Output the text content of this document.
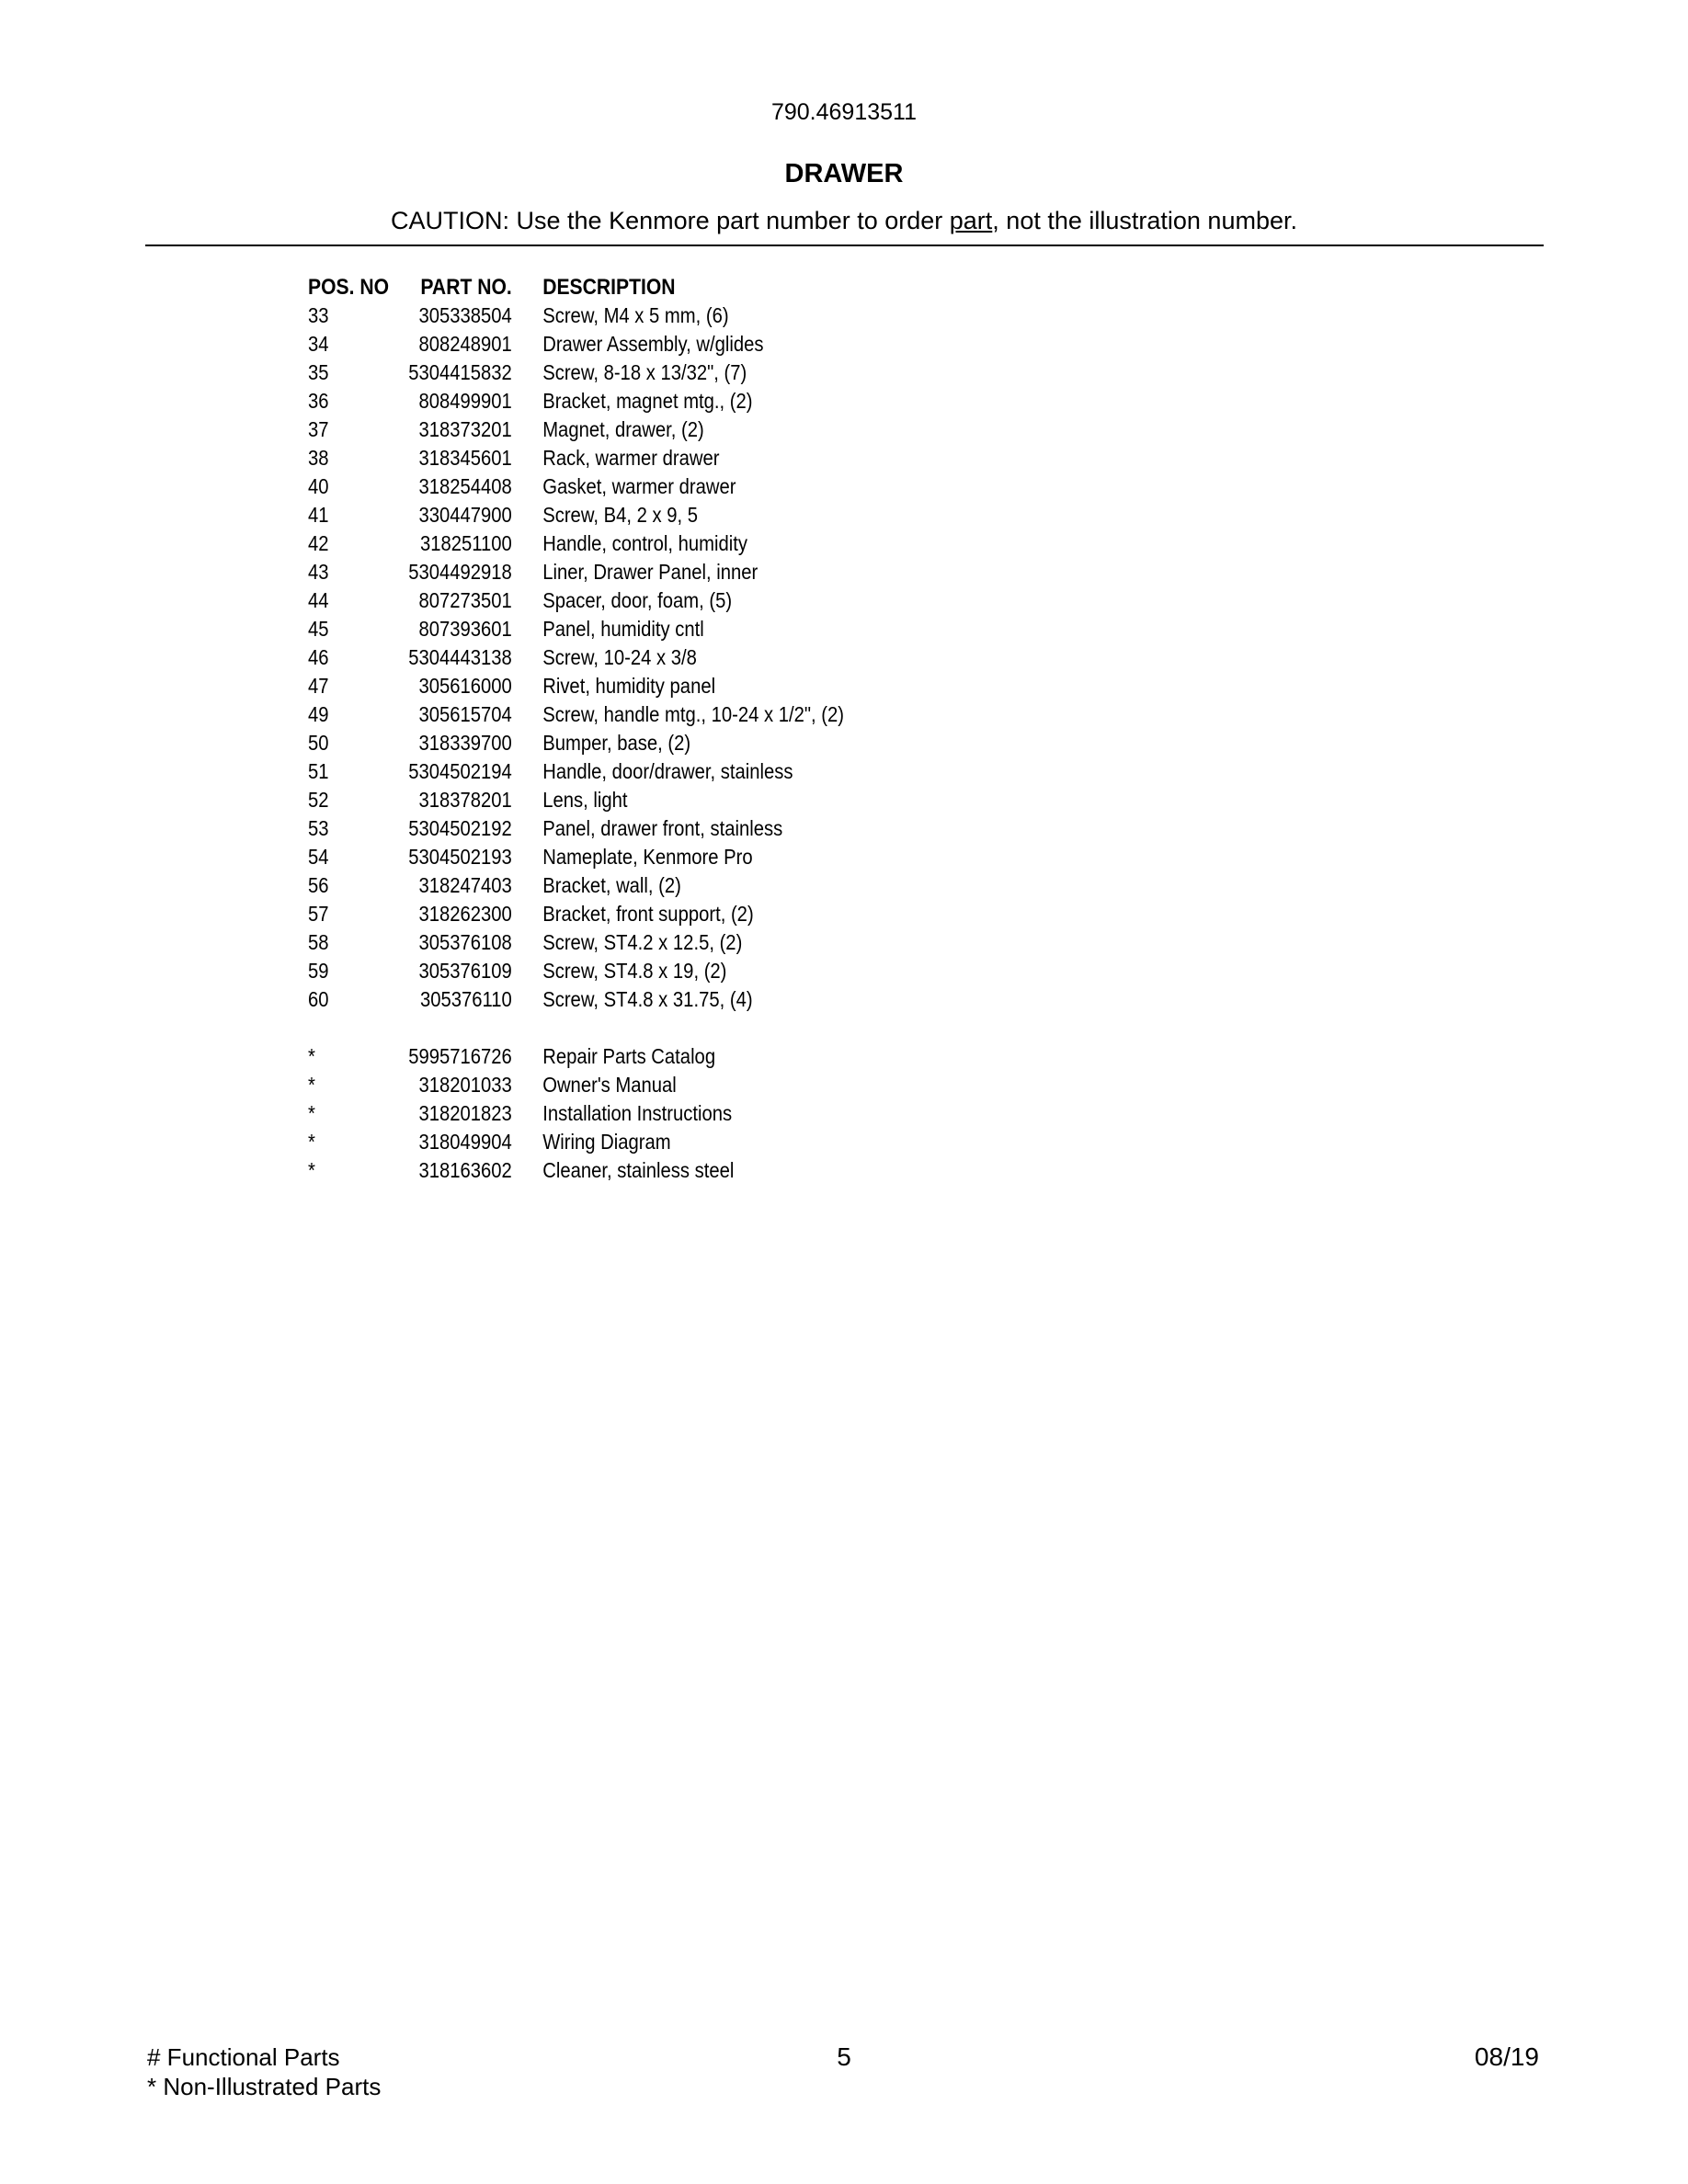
790.46913511
DRAWER
CAUTION: Use the Kenmore part number to order part, not the illustration number.
POS. NO	PART NO. DESCRIPTION
33	305338504 Screw, M4 x 5 mm, (6)
34	808248901 Drawer Assembly, w/glides
35	5304415832 Screw, 8-18 x 13/32", (7)
36	808499901 Bracket, magnet mtg., (2)
37	318373201 Magnet, drawer, (2)
38	318345601 Rack, warmer drawer
40	318254408 Gasket, warmer drawer
41	330447900 Screw, B4, 2 x 9, 5
42	318251100 Handle, control, humidity
43	5304492918 Liner, Drawer Panel, inner
44	807273501 Spacer, door, foam, (5)
45	807393601 Panel, humidity cntl
46	5304443138 Screw, 10-24 x 3/8
47	305616000 Rivet, humidity panel
49	305615704 Screw, handle mtg., 10-24 x 1/2", (2)
50	318339700 Bumper, base, (2)
51	5304502194 Handle, door/drawer, stainless
52	318378201 Lens, light
53	5304502192 Panel, drawer front, stainless
54	5304502193 Nameplate, Kenmore Pro
56	318247403 Bracket, wall, (2)
57	318262300 Bracket, front support, (2)
58	305376108 Screw, ST4.2 x 12.5, (2)
59	305376109 Screw, ST4.8 x 19, (2)
60	305376110 Screw, ST4.8 x 31.75, (4)
*	5995716726 Repair Parts Catalog
*	318201033 Owner's Manual
*	318201823 Installation Instructions
*	318049904 Wiring Diagram
*	318163602 Cleaner, stainless steel
# Functional Parts
* Non-Illustrated Parts
5	08/19
